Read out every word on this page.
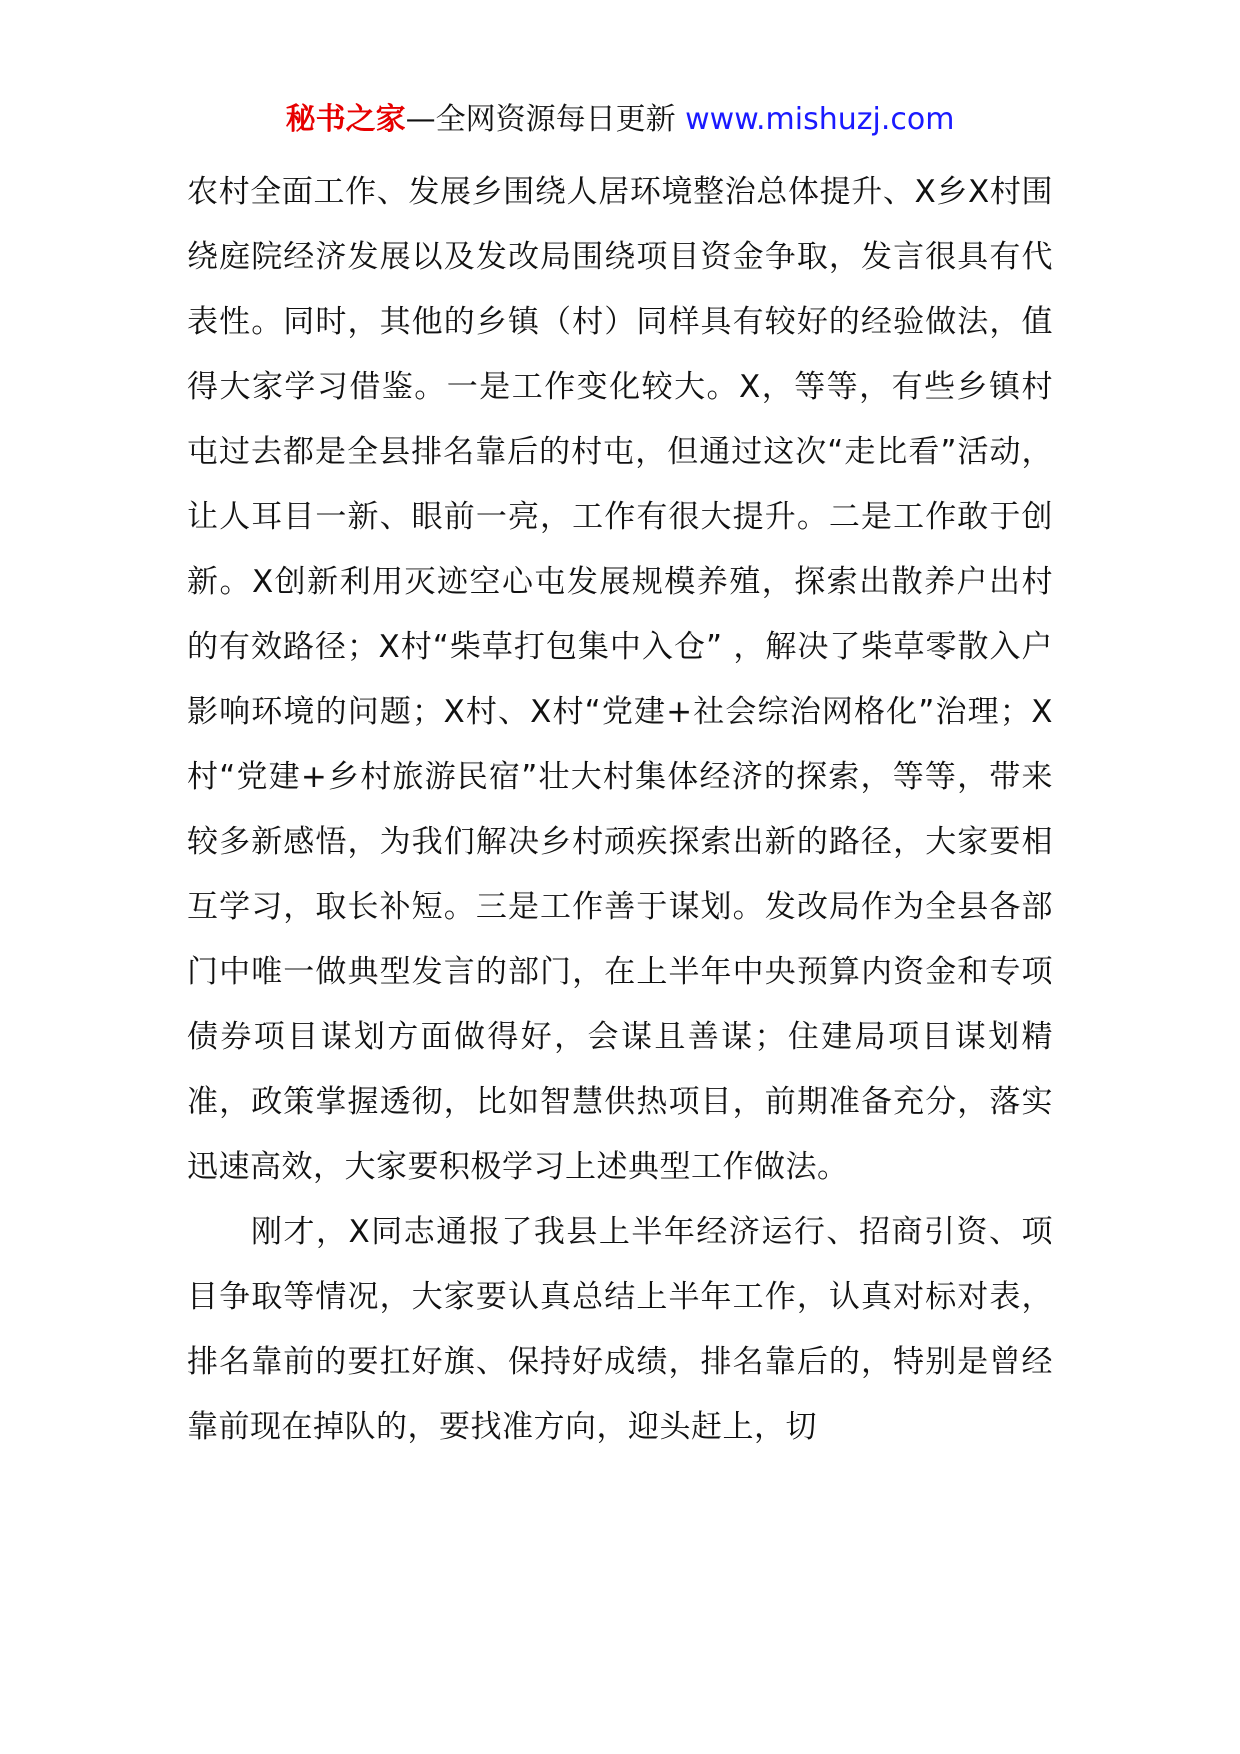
秘书之家—全网资源每日更新 www.mishuzj.com

农村全面工作、发展乡围绕人居环境整治总体提升、X乡X村围绕庭院经济发展以及发改局围绕项目资金争取，发言很具有代表性。同时，其他的乡镇（村）同样具有较好的经验做法，值得大家学习借鉴。一是工作变化较大。X，等等，有些乡镇村屯过去都是全县排名靠后的村屯，但通过这次“走比看”活动，让人耳目一新、眼前一亮，工作有很大提升。二是工作敢于创新。X创新利用灭迹空心屯发展规模养殖，探索出散养户出村的有效路径；X村“柴草打包集中入仓” ，解决了柴草零散入户影响环境的问题；X村、X村“党建+社会综治网格化”治理；X村“党建+乡村旅游民宿”壮大村集体经济的探索，等等，带来较多新感悟，为我们解决乡村顽疾探索出新的路径，大家要相互学习，取长补短。三是工作善于谋划。发改局作为全县各部门中唯一做典型发言的部门，在上半年中央预算内资金和专项债券项目谋划方面做得好，会谋且善谋；住建局项目谋划精准，政策掌握透彻，比如智慧供热项目，前期准备充分，落实迅速高效，大家要积极学习上述典型工作做法。

刚才，X同志通报了我县上半年经济运行、招商引资、项目争取等情况，大家要认真总结上半年工作，认真对标对表，排名靠前的要扛好旗、保持好成绩，排名靠后的，特别是曾经靠前现在掉队的，要找准方向，迎头赶上，切
